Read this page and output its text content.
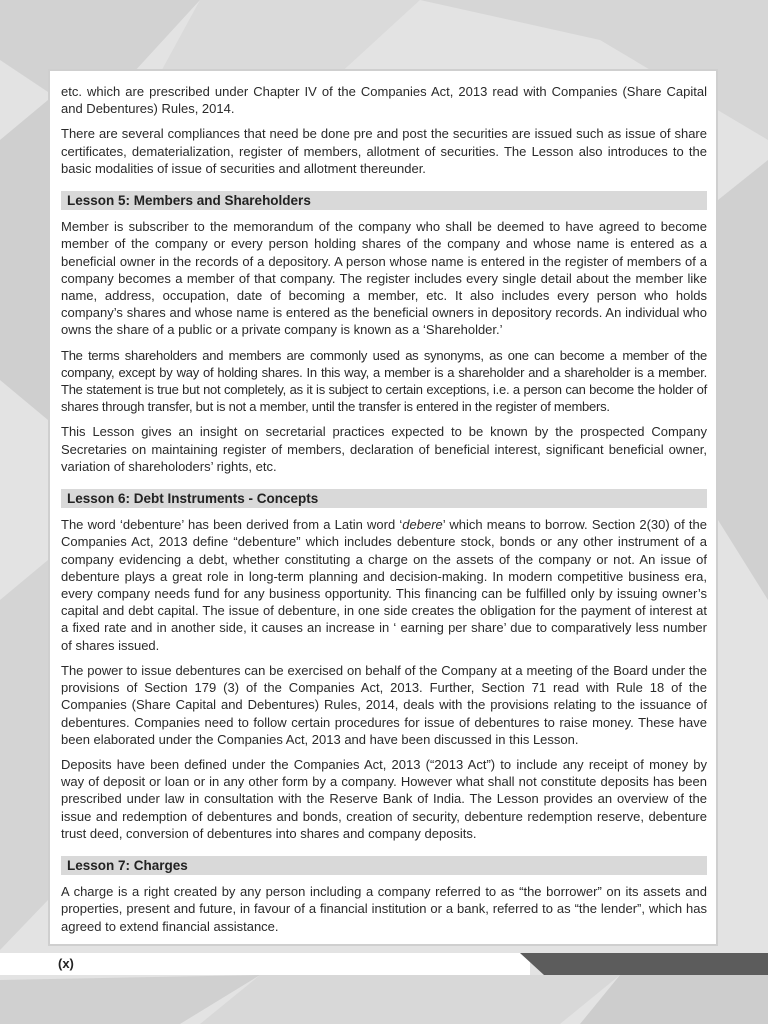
etc. which are prescribed under Chapter IV of the Companies Act, 2013 read with Companies (Share Capital and Debentures) Rules, 2014.

There are several compliances that need be done pre and post the securities are issued such as issue of share certificates, dematerialization, register of members, allotment of securities. The Lesson also introduces to the basic modalities of issue of securities and allotment thereunder.

Lesson 5: Members and Shareholders

Member is subscriber to the memorandum of the company who shall be deemed to have agreed to become member of the company or every person holding shares of the company and whose name is entered as a beneficial owner in the records of a depository. A person whose name is entered in the register of members of a company becomes a member of that company. The register includes every single detail about the member like name, address, occupation, date of becoming a member, etc. It also includes every person who holds company’s shares and whose name is entered as the beneficial owners in depository records. An individual who owns the share of a public or a private company is known as a ‘Shareholder.’

The terms shareholders and members are commonly used as synonyms, as one can become a member of the company, except by way of holding shares. In this way, a member is a shareholder and a shareholder is a member. The statement is true but not completely, as it is subject to certain exceptions, i.e. a person can become the holder of shares through transfer, but is not a member, until the transfer is entered in the register of members.

This Lesson gives an insight on secretarial practices expected to be known by the prospected Company Secretaries on maintaining register of members, declaration of beneficial interest, significant beneficial owner, variation of shareholoders’ rights, etc.

Lesson 6: Debt Instruments - Concepts

The word ‘debenture’ has been derived from a Latin word ‘debere’ which means to borrow. Section 2(30) of the Companies Act, 2013 define “debenture” which includes debenture stock, bonds or any other instrument of a company evidencing a debt, whether constituting a charge on the assets of the company or not. An issue of debenture plays a great role in long-term planning and decision-making. In modern competitive business era, every company needs fund for any business opportunity. This financing can be fulfilled only by issuing owner’s capital and debt capital. The issue of debenture, in one side creates the obligation for the payment of interest at a fixed rate and in another side, it causes an increase in ‘ earning per share’ due to comparatively less number of shares issued.

The power to issue debentures can be exercised on behalf of the Company at a meeting of the Board under the provisions of Section 179 (3) of the Companies Act, 2013. Further, Section 71 read with Rule 18 of the Companies (Share Capital and Debentures) Rules, 2014, deals with the provisions relating to the issuance of debentures. Companies need to follow certain procedures for issue of debentures to raise money. These have been elaborated under the Companies Act, 2013 and have been discussed in this Lesson.

Deposits have been defined under the Companies Act, 2013 (“2013 Act”) to include any receipt of money by way of deposit or loan or in any other form by a company. However what shall not constitute deposits has been prescribed under law in consultation with the Reserve Bank of India. The Lesson provides an overview of the issue and redemption of debentures and bonds, creation of security, debenture redemption reserve, debenture trust deed, conversion of debentures into shares and company deposits.

Lesson 7: Charges

A charge is a right created by any person including a company referred to as “the borrower” on its assets and properties, present and future, in favour of a financial institution or a bank, referred to as “the lender”, which has agreed to extend financial assistance.

(x)
